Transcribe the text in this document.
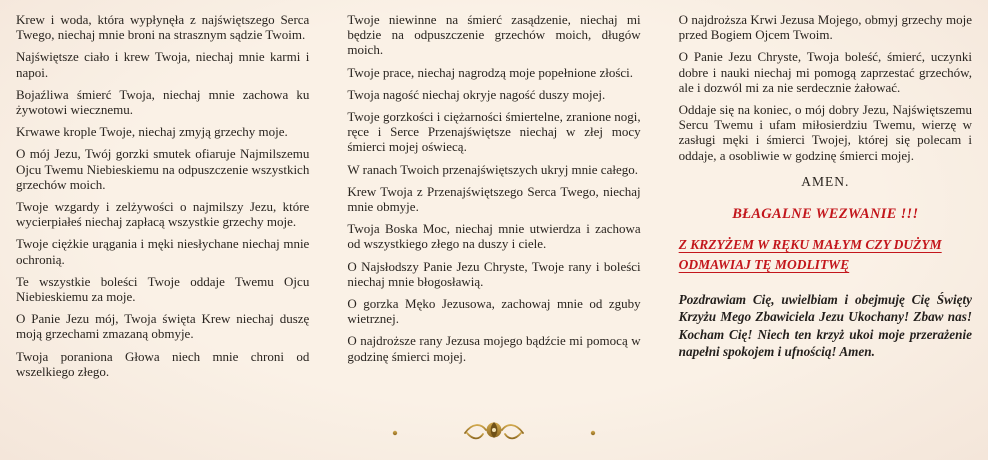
Krew i woda, która wypłynęła z najświętszego Serca Twego, niechaj mnie broni na strasznym sądzie Twoim.

Najświętsze ciało i krew Twoja, niechaj mnie karmi i napoi.

Bojaźliwa śmierć Twoja, niechaj mnie zachowa ku żywotowi wiecznemu.

Krwawe krople Twoje, niechaj zmyją grzechy moje.

O mój Jezu, Twój gorzki smutek ofiaruje Najmilszemu Ojcu Twemu Niebieskiemu na odpuszczenie wszystkich grzechów moich.

Twoje wzgardy i zelżywości o najmilszy Jezu, które wycierpiałeś niechaj zapłacą wszystkie grzechy moje.

Twoje ciężkie urągania i męki niesłychane niechaj mnie ochronią.

Te wszystkie boleści Twoje oddaje Twemu Ojcu Niebieskiemu za moje.

O Panie Jezu mój, Twoja święta Krew niechaj duszę moją grzechami zmazaną obmyje.

Twoja poraniona Głowa niech mnie chroni od wszelkiego złego.

Twoje niewinne na śmierć zasądzenie, niechaj mi będzie na odpuszczenie grzechów moich, długów moich.

Twoje prace, niechaj nagrodzą moje popełnione złości.

Twoja nagość niechaj okryje nagość duszy mojej.

Twoje gorzkości i ciężarności śmiertelne, zranione nogi, ręce i Serce Przenajświętsze niechaj w złej mocy śmierci mojej oświecą.

W ranach Twoich przenajświętszych ukryj mnie całego.

Krew Twoja z Przenajświętszego Serca Twego, niechaj mnie obmyje.

Twoja Boska Moc, niechaj mnie utwierdza i zachowa od wszystkiego złego na duszy i ciele.

O Najsłodszy Panie Jezu Chryste, Twoje rany i boleści niechaj mnie błogosławią.

O gorzka Męko Jezusowa, zachowaj mnie od zguby wietrznej.

O najdroższe rany Jezusa mojego bądźcie mi pomocą w godzinę śmierci mojej.

O najdroższa Krwi Jezusa Mojego, obmyj grzechy moje przed Bogiem Ojcem Twoim.

O Panie Jezu Chryste, Twoja boleść, śmierć, uczynki dobre i nauki niechaj mi pomogą zaprzestać grzechów, ale i dozwól mi za nie serdecznie żałować.

Oddaje się na koniec, o mój dobry Jezu, Najświętszemu Sercu Twemu i ufam miłosierdziu Twemu, wierzę w zasługi męki i śmierci Twojej, której się polecam i oddaje, a osobliwie w godzinę śmierci mojej.

AMEN.

BŁAGALNE WEZWANIE !!!

Z KRZYŻEM W RĘKU MAŁYM CZY DUŻYM ODMAWIAJ TĘ MODLITWĘ

Pozdrawiam Cię, uwielbiam i obejmuję Cię Święty Krzyżu Mego Zbawiciela Jezu Ukochany! Zbaw nas! Kocham Cię! Niech ten krzyż ukoi moje przerażenie napełni spokojem i ufnością! Amen.
